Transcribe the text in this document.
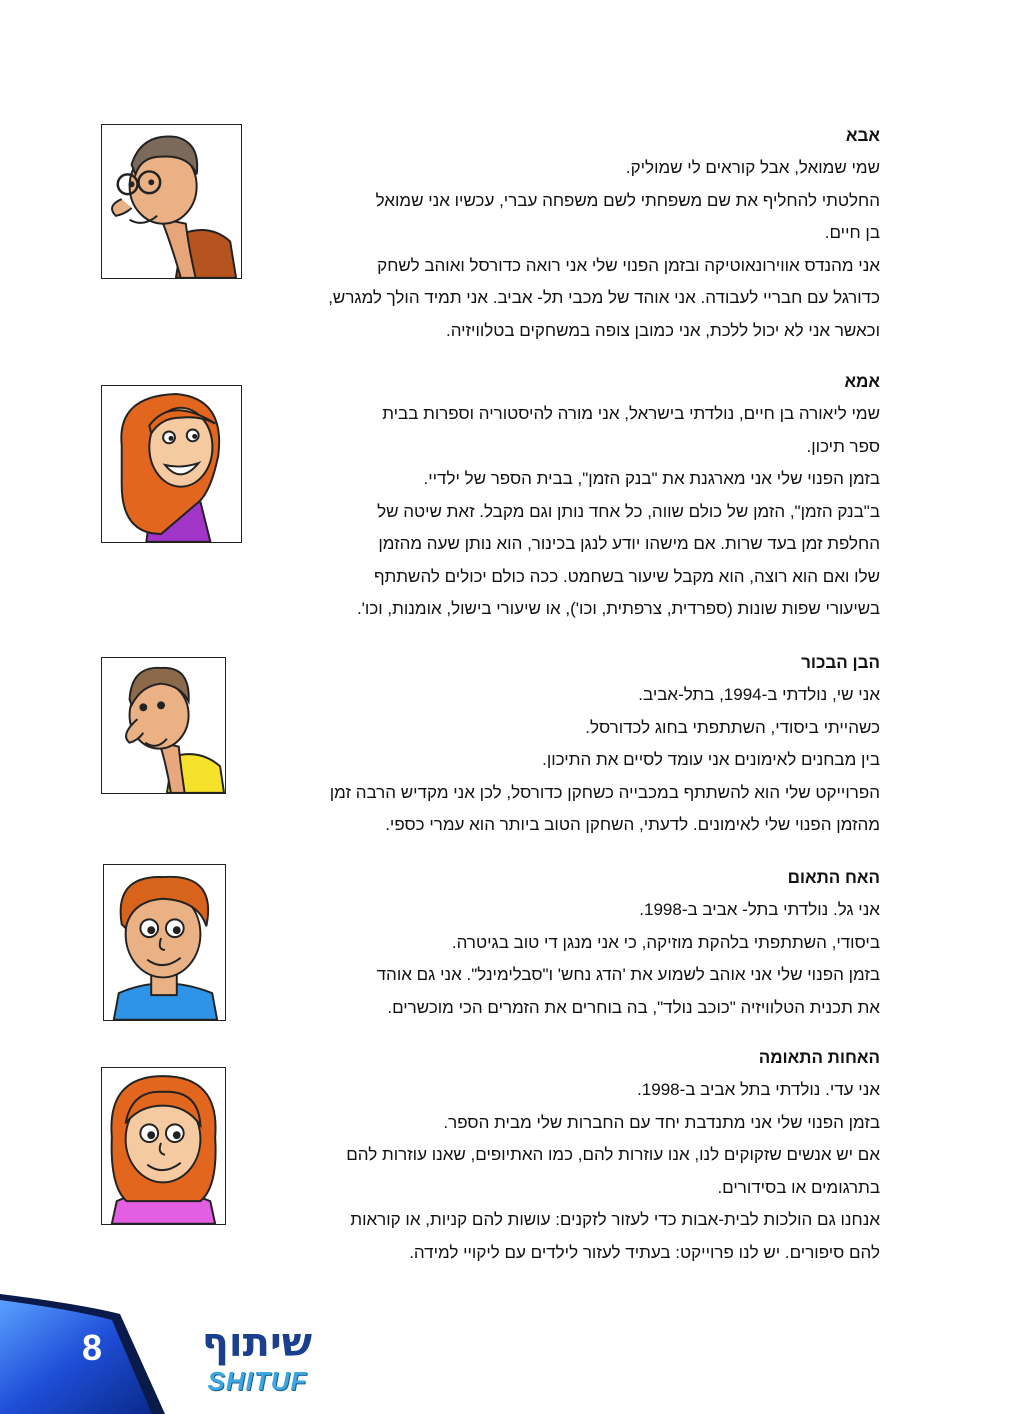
אבא

שמי שמואל, אבל קוראים לי שמוליק.

החלטתי להחליף את שם משפחתי לשם משפחה עברי, עכשיו אני שמואל

בן חיים.

אני מהנדס אווירונאוטיקה ובזמן הפנוי שלי אני רואה כדורסל ואוהב לשחק

כדורגל עם חבריי לעבודה. אני אוהד של מכבי תל- אביב. אני תמיד הולך למגרש,

וכאשר אני לא יכול ללכת, אני כמובן צופה במשחקים בטלוויזיה.

אמא

שמי ליאורה בן חיים, נולדתי בישראל, אני מורה להיסטוריה וספרות בבית

ספר תיכון.

בזמן הפנוי שלי אני מארגנת את "בנק הזמן", בבית הספר של ילדיי.

ב"בנק הזמן", הזמן של כולם שווה, כל אחד נותן וגם מקבל. זאת שיטה של

החלפת זמן בעד שרות. אם מישהו יודע לנגן בכינור, הוא נותן שעה מהזמן

שלו ואם הוא רוצה, הוא מקבל שיעור בשחמט. ככה כולם יכולים להשתתף

בשיעורי שפות שונות (ספרדית, צרפתית, וכו'), או שיעורי בישול, אומנות, וכו'.

הבן הבכור

אני שי, נולדתי ב-1994, בתל-אביב.

כשהייתי ביסודי, השתתפתי בחוג לכדורסל.

בין מבחנים לאימונים אני עומד לסיים את התיכון.

הפרוייקט שלי הוא להשתתף במכבייה כשחקן כדורסל, לכן אני מקדיש הרבה זמן

מהזמן הפנוי שלי לאימונים. לדעתי, השחקן הטוב ביותר הוא עמרי כספי.

האח התאום

אני גל. נולדתי בתל- אביב ב-1998.

ביסודי, השתתפתי בלהקת מוזיקה, כי אני מנגן די טוב בגיטרה.

בזמן הפנוי שלי אני אוהב לשמוע את 'הדג נחש' ו"סבלימינל". אני גם אוהד

את תכנית הטלוויזיה "כוכב נולד", בה בוחרים את הזמרים הכי מוכשרים.

האחות התאומה

אני עדי. נולדתי בתל אביב ב-1998.

בזמן הפנוי שלי אני מתנדבת יחד עם החברות שלי מבית הספר.

אם יש אנשים שזקוקים לנו, אנו עוזרות להם, כמו האתיופים, שאנו עוזרות להם

בתרגומים או בסידורים.

אנחנו גם הולכות לבית-אבות כדי לעזור לזקנים: עושות להם קניות, או קוראות

להם סיפורים. יש לנו פרוייקט: בעתיד לעזור לילדים עם ליקויי למידה.

8	שיתוף
SHITUF
